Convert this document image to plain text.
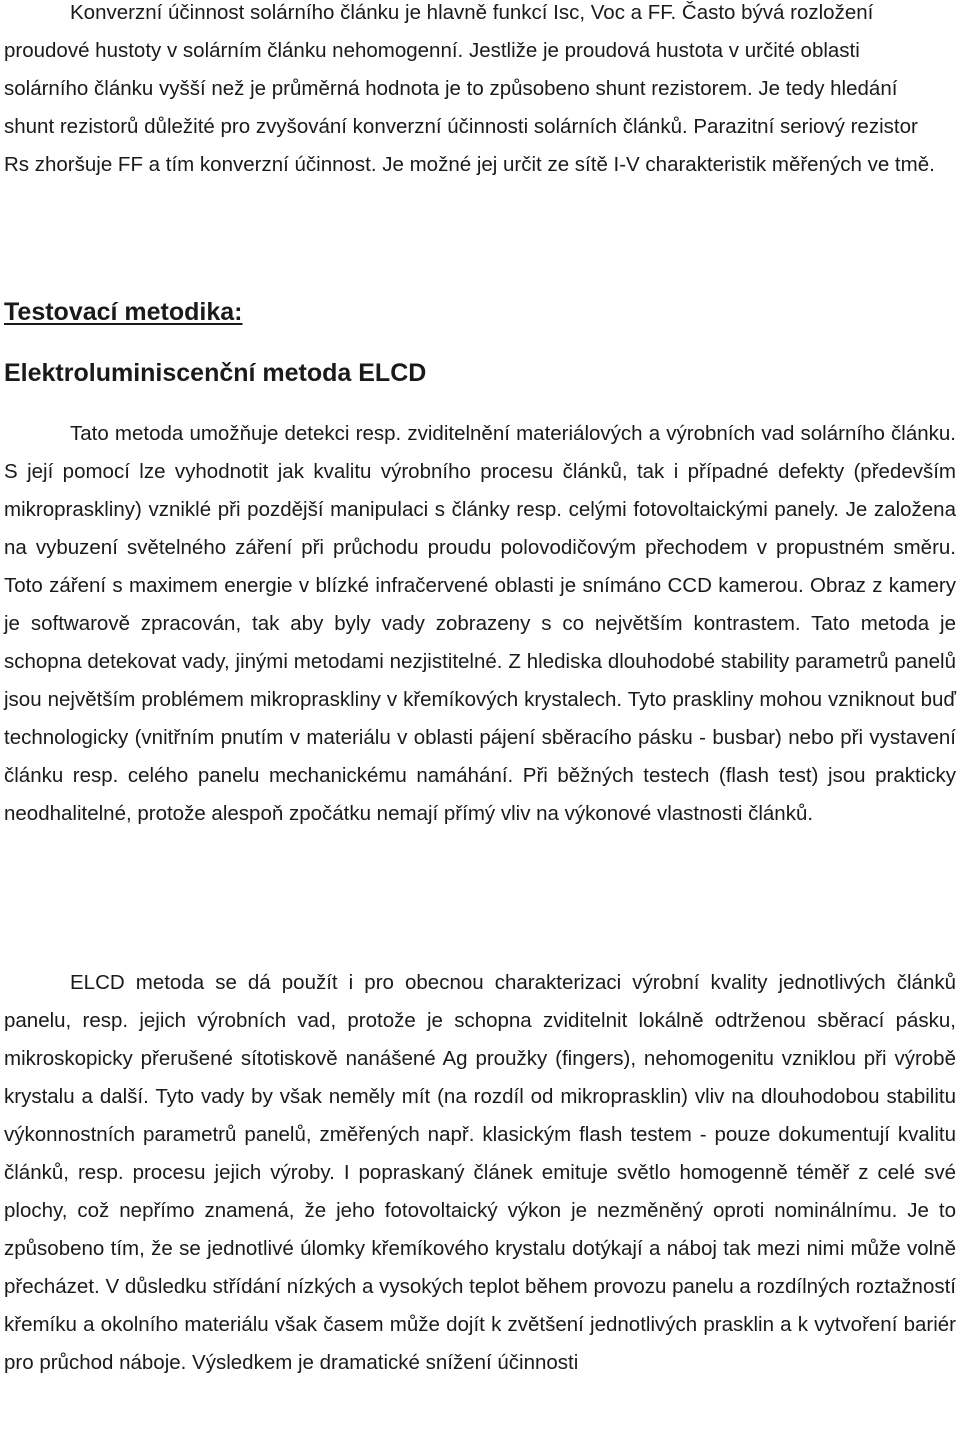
Konverzní účinnost solárního článku je hlavně funkcí Isc, Voc a FF. Často bývá rozložení proudové hustoty v solárním článku nehomogenní. Jestliže je proudová hustota v určité oblasti solárního článku vyšší než je průměrná hodnota je to způsobeno shunt rezistorem. Je tedy hledání shunt rezistorů důležité pro zvyšování konverzní účinnosti solárních článků. Parazitní seriový rezistor Rs zhoršuje FF a tím konverzní účinnost. Je možné jej určit ze sítě I-V charakteristik měřených ve tmě.

Testovací metodika:
Elektroluminiscenční metoda ELCD

Tato metoda umožňuje detekci resp. zviditelnění materiálových a výrobních vad solárního článku. S její pomocí lze vyhodnotit jak kvalitu výrobního procesu článků, tak i případné defekty (především mikropraskliny) vzniklé při pozdější manipulaci s články resp. celými fotovoltaickými panely. Je založena na vybuzení světelného záření při průchodu proudu polovodičovým přechodem v propustném směru. Toto záření s maximem energie v blízké infračervené oblasti je snímáno CCD kamerou. Obraz z kamery je softwarově zpracován, tak aby byly vady zobrazeny s co největším kontrastem. Tato metoda je schopna detekovat vady, jinými metodami nezjistitelné. Z hlediska dlouhodobé stability parametrů panelů jsou největším problémem mikropraskliny v křemíkových krystalech. Tyto praskliny mohou vzniknout buď technologicky (vnitřním pnutím v materiálu v oblasti pájení sběracího pásku - busbar) nebo při vystavení článku resp. celého panelu mechanickému namáhání. Při běžných testech (flash test) jsou prakticky neodhalitelné, protože alespoň zpočátku nemají přímý vliv na výkonové vlastnosti článků.

ELCD metoda se dá použít i pro obecnou charakterizaci výrobní kvality jednotlivých článků panelu, resp. jejich výrobních vad, protože je schopna zviditelnit lokálně odtrženou sběrací pásku, mikroskopicky přerušené sítotiskově nanášené Ag proužky (fingers), nehomogenitu vzniklou při výrobě krystalu a další. Tyto vady by však neměly mít (na rozdíl od mikroprasklin) vliv na dlouhodobou stabilitu výkonnostních parametrů panelů, změřených např. klasickým flash testem - pouze dokumentují kvalitu článků, resp. procesu jejich výroby. I popraskaný článek emituje světlo homogenně téměř z celé své plochy, což nepřímo znamená, že jeho fotovoltaický výkon je nezměněný oproti nominálnímu. Je to způsobeno tím, že se jednotlivé úlomky křemíkového krystalu dotýkají a náboj tak mezi nimi může volně přecházet. V důsledku střídání nízkých a vysokých teplot během provozu panelu a rozdílných roztažností křemíku a okolního materiálu však časem může dojít k zvětšení jednotlivých prasklin a k vytvoření bariér pro průchod náboje. Výsledkem je dramatické snížení účinnosti
